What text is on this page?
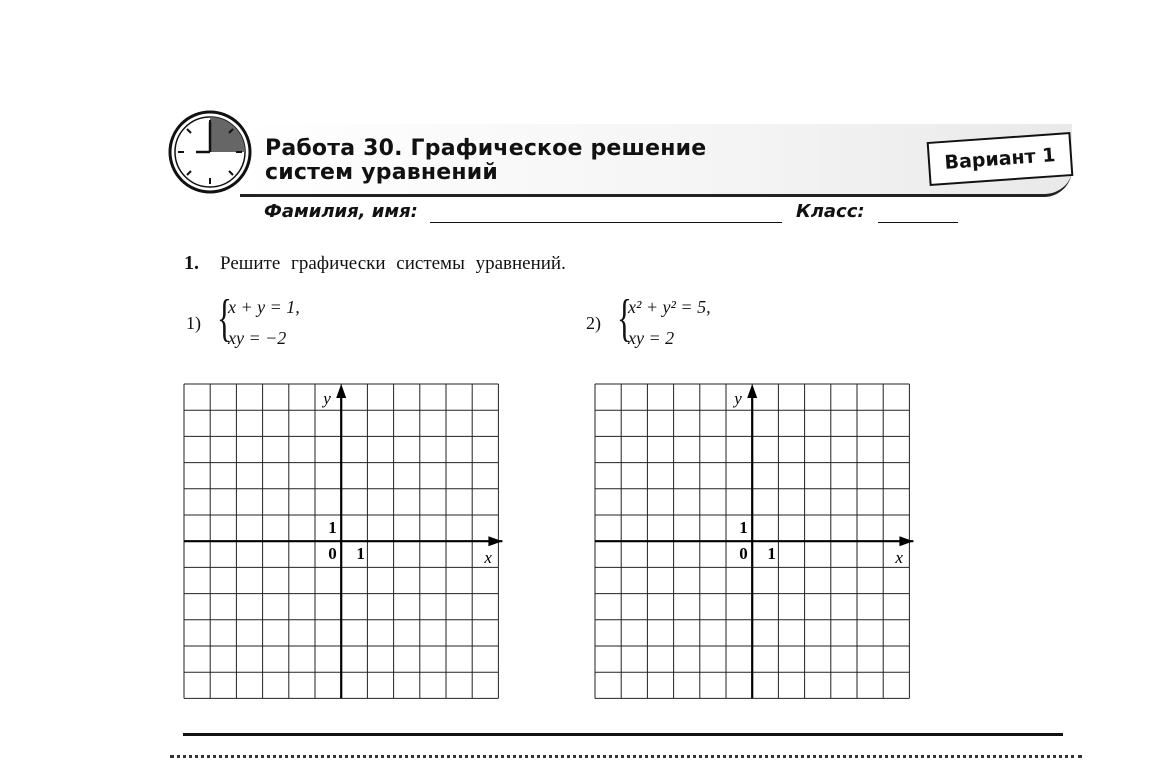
Работа 30. Графическое решение
систем уравнений	Вариант 1
Фамилия, имя:	Класс:
1. Решите графически системы уравнений.
1) {
x + y = 1,
xy = −2
2) {
x² + y² = 5,
xy = 2
y
x
0 1
1
y
x
0 1
1
